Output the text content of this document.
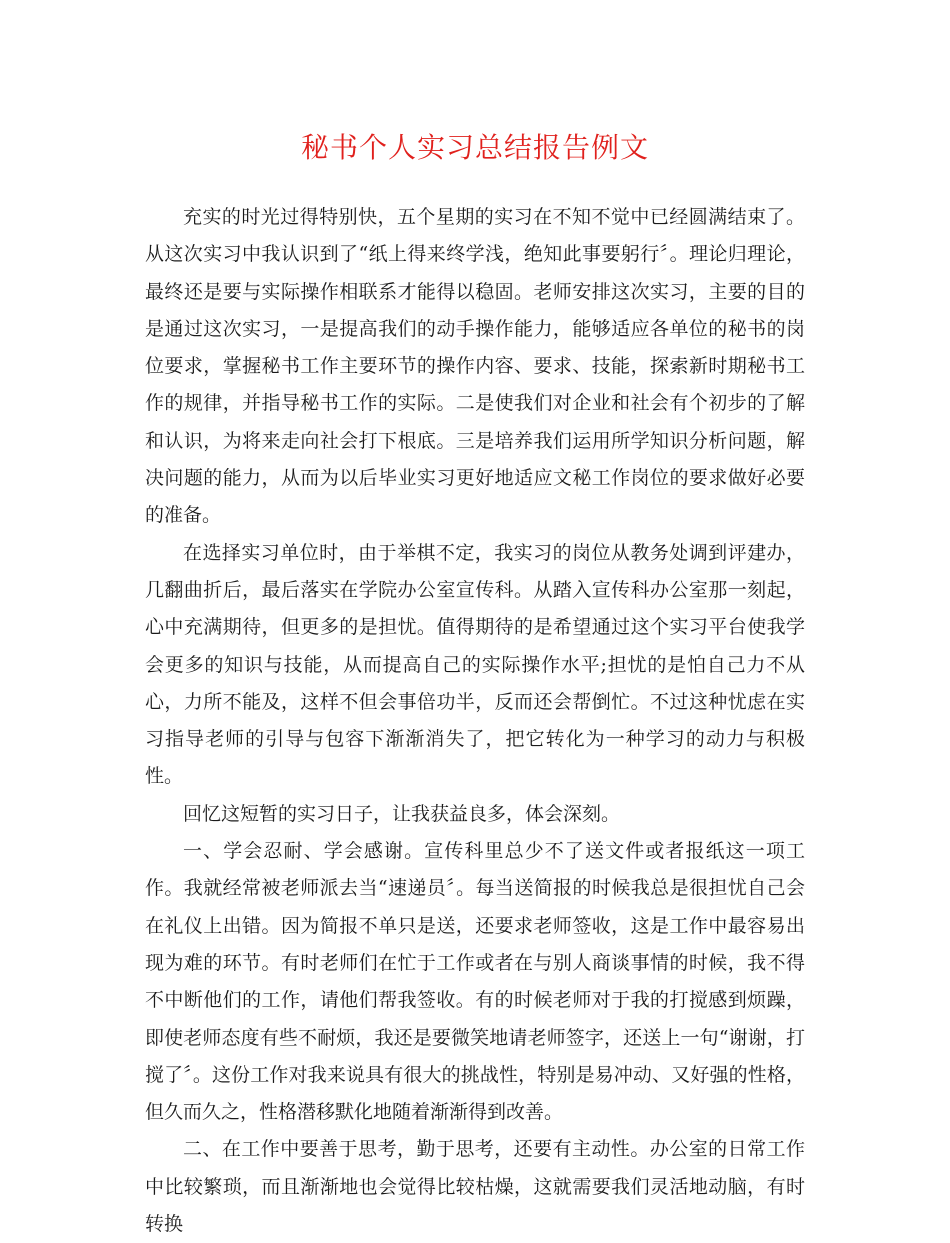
秘书个人实习总结报告例文

充实的时光过得特别快，五个星期的实习在不知不觉中已经圆满结束了。从这次实习中我认识到了“纸上得来终学浅，绝知此事要躬行〞。理论归理论，最终还是要与实际操作相联系才能得以稳固。老师安排这次实习，主要的目的是通过这次实习，一是提高我们的动手操作能力，能够适应各单位的秘书的岗位要求，掌握秘书工作主要环节的操作内容、要求、技能，探索新时期秘书工作的规律，并指导秘书工作的实际。二是使我们对企业和社会有个初步的了解和认识，为将来走向社会打下根底。三是培养我们运用所学知识分析问题，解决问题的能力，从而为以后毕业实习更好地适应文秘工作岗位的要求做好必要的准备。

在选择实习单位时，由于举棋不定，我实习的岗位从教务处调到评建办，几翻曲折后，最后落实在学院办公室宣传科。从踏入宣传科办公室那一刻起，心中充满期待，但更多的是担忧。值得期待的是希望通过这个实习平台使我学会更多的知识与技能，从而提高自己的实际操作水平;担忧的是怕自己力不从心，力所不能及，这样不但会事倍功半，反而还会帮倒忙。不过这种忧虑在实习指导老师的引导与包容下渐渐消失了，把它转化为一种学习的动力与积极性。

回忆这短暂的实习日子，让我获益良多，体会深刻。

一、学会忍耐、学会感谢。宣传科里总少不了送文件或者报纸这一项工作。我就经常被老师派去当“速递员〞。每当送简报的时候我总是很担忧自己会在礼仪上出错。因为简报不单只是送，还要求老师签收，这是工作中最容易出现为难的环节。有时老师们在忙于工作或者在与别人商谈事情的时候，我不得不中断他们的工作，请他们帮我签收。有的时候老师对于我的打搅感到烦躁，即使老师态度有些不耐烦，我还是要微笑地请老师签字，还送上一句“谢谢，打搅了〞。这份工作对我来说具有很大的挑战性，特别是易冲动、又好强的性格，但久而久之，性格潜移默化地随着渐渐得到改善。

二、在工作中要善于思考，勤于思考，还要有主动性。办公室的日常工作中比较繁琐，而且渐渐地也会觉得比较枯燥，这就需要我们灵活地动脑，有时转换
